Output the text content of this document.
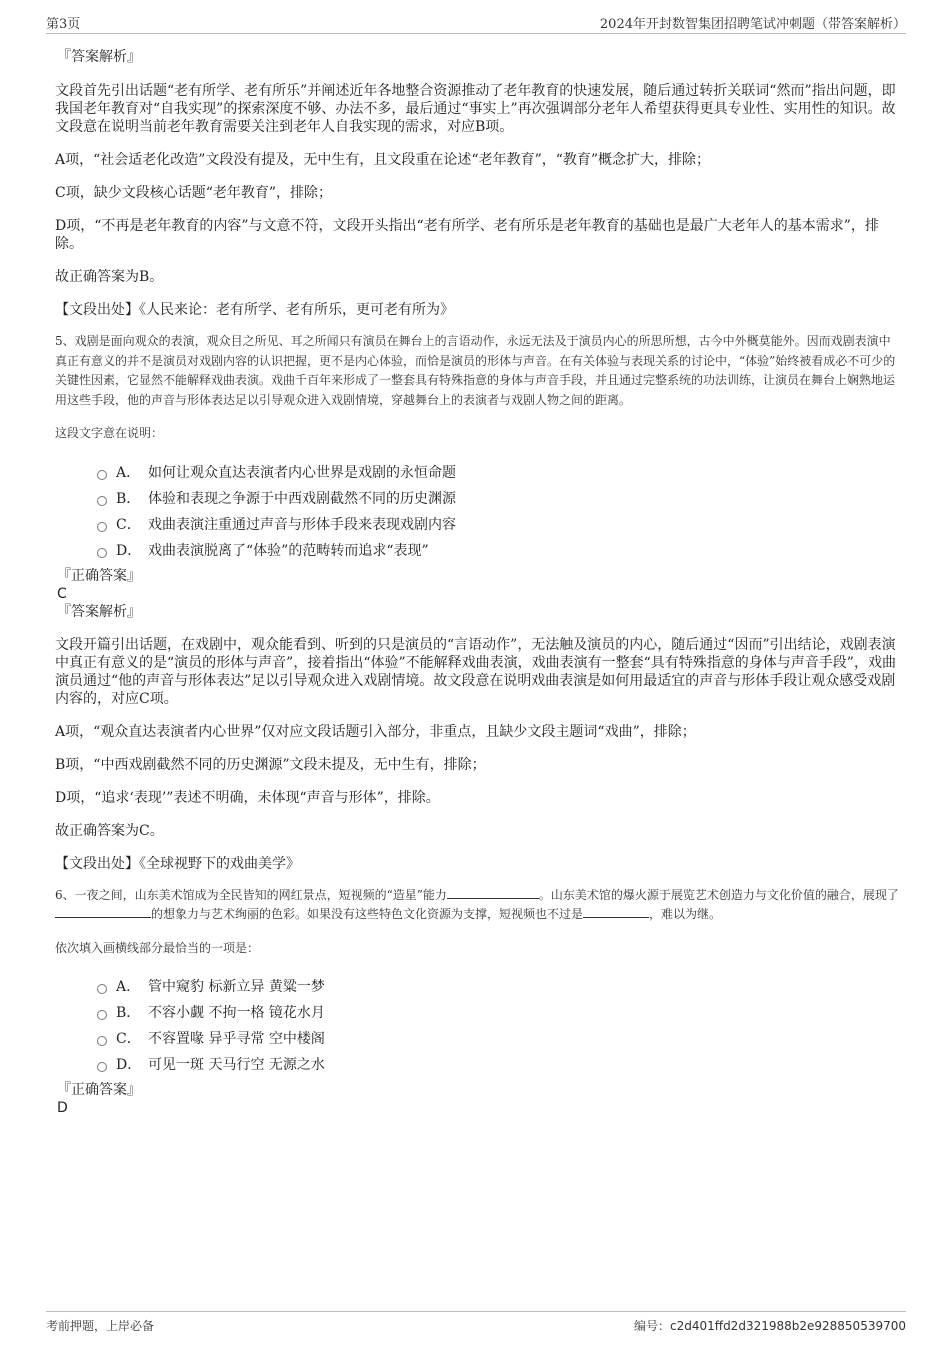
第3页	2024年开封数智集团招聘笔试冲刺题（带答案解析）

『答案解析』

文段首先引出话题“老有所学、老有所乐”并阐述近年各地整合资源推动了老年教育的快速发展，随后通过转折关联词“然而”指出问题，即我国老年教育对“自我实现”的探索深度不够、办法不多，最后通过“事实上”再次强调部分老年人希望获得更具专业性、实用性的知识。故文段意在说明当前老年教育需要关注到老年人自我实现的需求，对应B项。

A项，“社会适老化改造”文段没有提及，无中生有，且文段重在论述“老年教育”，“教育”概念扩大，排除；

C项，缺少文段核心话题“老年教育”，排除；

D项，“不再是老年教育的内容”与文意不符，文段开头指出“老有所学、老有所乐是老年教育的基础也是最广大老年人的基本需求”，排除。

故正确答案为B。

【文段出处】《人民来论：老有所学、老有所乐，更可老有所为》

5、戏剧是面向观众的表演，观众目之所见、耳之所闻只有演员在舞台上的言语动作，永远无法及于演员内心的所思所想，古今中外概莫能外。因而戏剧表演中真正有意义的并不是演员对戏剧内容的认识把握，更不是内心体验，而恰是演员的形体与声音。在有关体验与表现关系的讨论中，“体验”始终被看成必不可少的关键性因素，它显然不能解释戏曲表演。戏曲千百年来形成了一整套具有特殊指意的身体与声音手段，并且通过完整系统的功法训练，让演员在舞台上娴熟地运用这些手段，他的声音与形体表达足以引导观众进入戏剧情境，穿越舞台上的表演者与戏剧人物之间的距离。

这段文字意在说明：

A． 如何让观众直达表演者内心世界是戏剧的永恒命题
B． 体验和表现之争源于中西戏剧截然不同的历史渊源
C． 戏曲表演注重通过声音与形体手段来表现戏剧内容
D． 戏曲表演脱离了“体验”的范畴转而追求“表现”

『正确答案』

C

『答案解析』

文段开篇引出话题，在戏剧中，观众能看到、听到的只是演员的“言语动作”，无法触及演员的内心，随后通过“因而”引出结论，戏剧表演中真正有意义的是“演员的形体与声音”，接着指出“体验”不能解释戏曲表演，戏曲表演有一整套“具有特殊指意的身体与声音手段”，戏曲演员通过“他的声音与形体表达”足以引导观众进入戏剧情境。故文段意在说明戏曲表演是如何用最适宜的声音与形体手段让观众感受戏剧内容的，对应C项。

A项，“观众直达表演者内心世界”仅对应文段话题引入部分，非重点，且缺少文段主题词“戏曲”，排除；

B项，“中西戏剧截然不同的历史渊源”文段未提及，无中生有，排除；

D项，“追求‘表现’”表述不明确，未体现“声音与形体”，排除。

故正确答案为C。

【文段出处】《全球视野下的戏曲美学》

6、一夜之间，山东美术馆成为全民皆知的网红景点，短视频的“造星”能力	。山东美术馆的爆火源于展览艺术创造力与文化价值的融合，展现了的想象力与艺术绚丽的色彩。如果没有这些特色文化资源为支撑，短视频也不过是	，难以为继。

依次填入画横线部分最恰当的一项是：

A． 管中窥豹 标新立异 黄粱一梦
B． 不容小觑 不拘一格 镜花水月
C． 不容置喙 异乎寻常 空中楼阁
D． 可见一斑 天马行空 无源之水

『正确答案』

D

考前押题，上岸必备	编号：c2d401ffd2d321988b2e928850539700
